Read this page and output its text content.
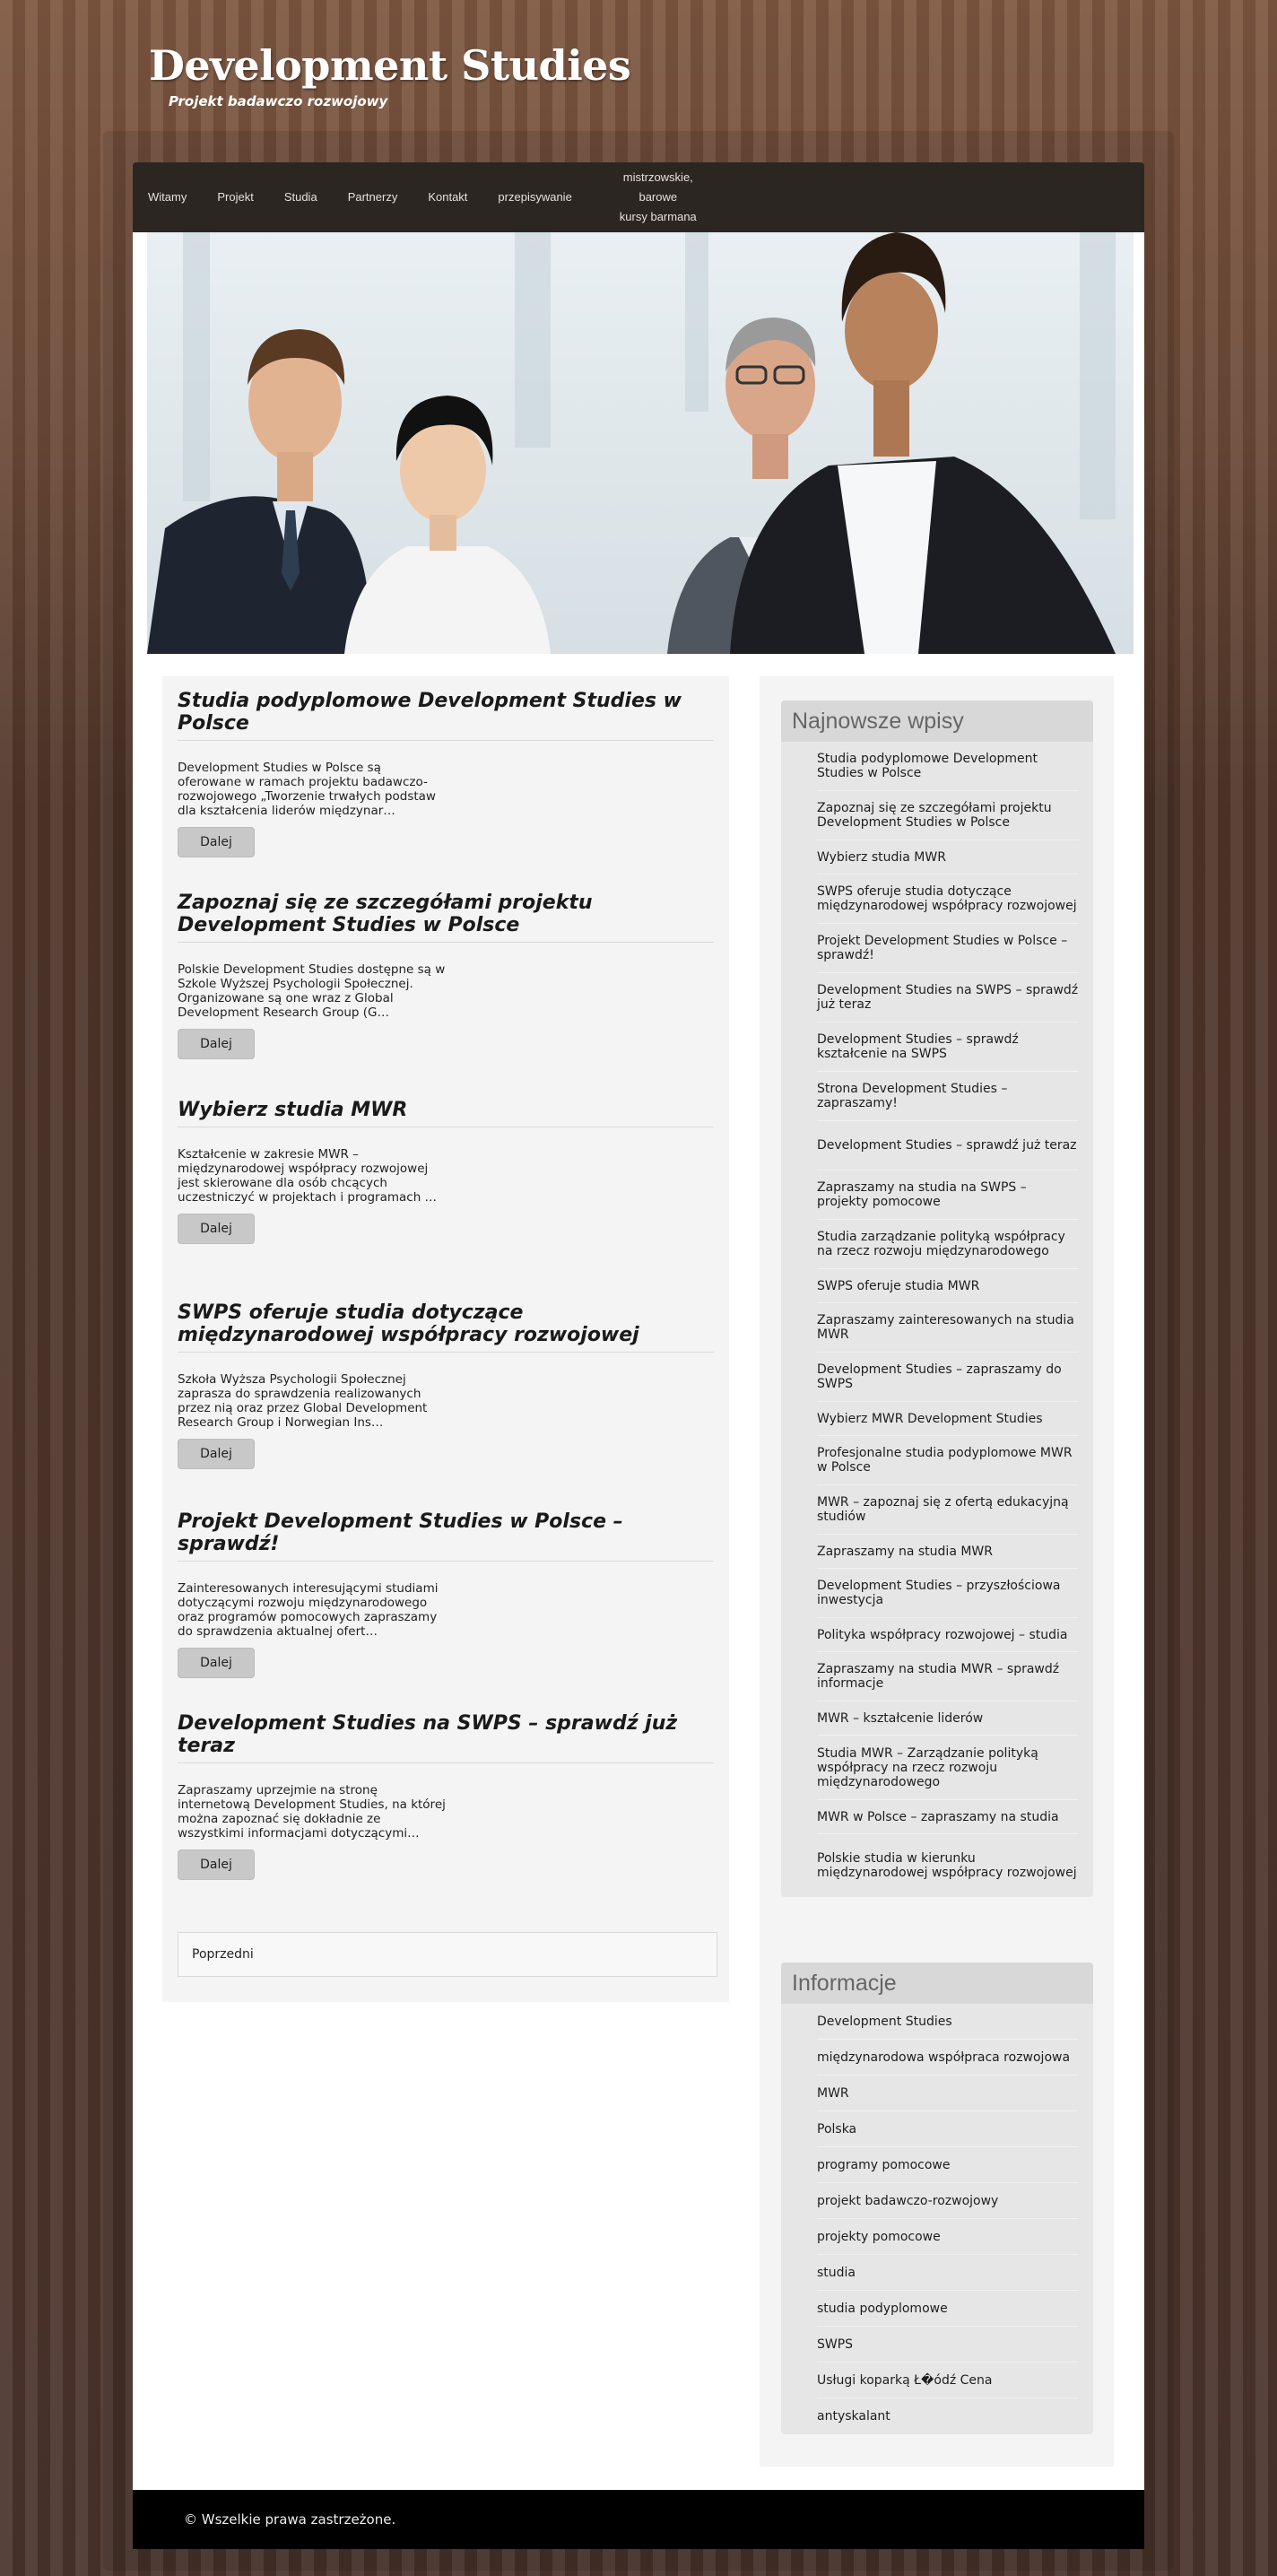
Development Studies
Projekt badawczo rozwojowy
Witamy	Projekt	Studia	Partnerzy	Kontakt	przepisywanie
mistrzowskie, barowe
kursy barmana
Studia podyplomowe Development Studies w Polsce

Development Studies w Polsce są oferowane w ramach projektu badawczo-rozwojowego „Tworzenie trwałych podstaw dla kształcenia liderów międzynar…

Dalej
Zapoznaj się ze szczegółami projektu Development Studies w Polsce

Polskie Development Studies dostępne są w Szkole Wyższej Psychologii Społecznej. Organizowane są one wraz z Global Development Research Group (G…

Dalej
Wybierz studia MWR

Kształcenie w zakresie MWR – międzynarodowej współpracy rozwojowej jest skierowane dla osób chcących uczestniczyć w projektach i programach …

Dalej
SWPS oferuje studia dotyczące międzynarodowej współpracy rozwojowej

Szkoła Wyższa Psychologii Społecznej zaprasza do sprawdzenia realizowanych przez nią oraz przez Global Development Research Group i Norwegian Ins…

Dalej
Projekt Development Studies w Polsce – sprawdź!

Zainteresowanych interesującymi studiami dotyczącymi rozwoju międzynarodowego oraz programów pomocowych zapraszamy do sprawdzenia aktualnej ofert…

Dalej
Development Studies na SWPS – sprawdź już teraz

Zapraszamy uprzejmie na stronę internetową Development Studies, na której można zapoznać się dokładnie ze wszystkimi informacjami dotyczącymi…

Dalej
Poprzedni
Najnowsze wpisy
Studia podyplomowe Development Studies w Polsce
Zapoznaj się ze szczegółami projektu Development Studies w Polsce
Wybierz studia MWR
SWPS oferuje studia dotyczące międzynarodowej współpracy rozwojowej
Projekt Development Studies w Polsce – sprawdź!
Development Studies na SWPS – sprawdź już teraz
Development Studies – sprawdź kształcenie na SWPS
Strona Development Studies – zapraszamy!
Development Studies – sprawdź już teraz
Zapraszamy na studia na SWPS – projekty pomocowe
Studia zarządzanie polityką współpracy na rzecz rozwoju międzynarodowego
SWPS oferuje studia MWR
Zapraszamy zainteresowanych na studia MWR
Development Studies – zapraszamy do SWPS
Wybierz MWR Development Studies
Profesjonalne studia podyplomowe MWR w Polsce
MWR – zapoznaj się z ofertą edukacyjną studiów
Zapraszamy na studia MWR
Development Studies – przyszłościowa inwestycja
Polityka współpracy rozwojowej – studia
Zapraszamy na studia MWR – sprawdź informacje
MWR – kształcenie liderów
Studia MWR – Zarządzanie polityką współpracy na rzecz rozwoju międzynarodowego
MWR w Polsce – zapraszamy na studia
Polskie studia w kierunku międzynarodowej współpracy rozwojowej
Informacje
Development Studies
międzynarodowa współpraca rozwojowa
MWR
Polska
programy pomocowe
projekt badawczo-rozwojowy
projekty pomocowe
studia
studia podyplomowe
SWPS
Usługi koparką Ł�ódź Cena
antyskalant
© Wszelkie prawa zastrzeżone.
